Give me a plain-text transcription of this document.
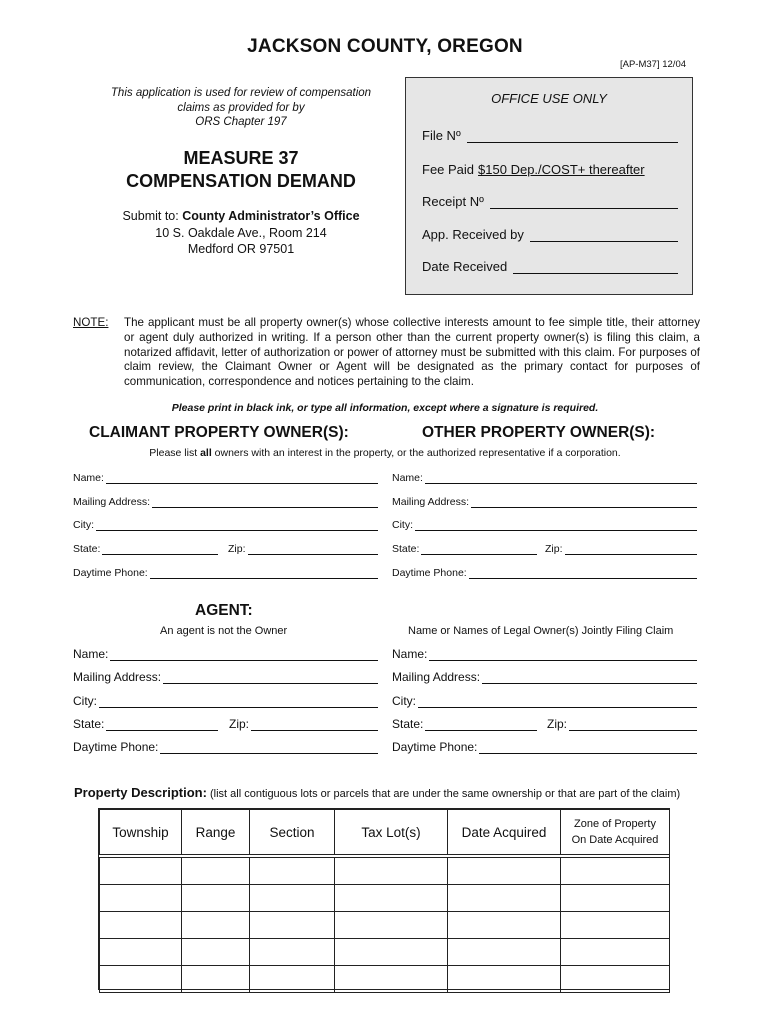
JACKSON COUNTY, OREGON
[AP-M37] 12/04
This application is used for review of compensation
claims as provided for by
ORS Chapter 197
MEASURE 37
COMPENSATION DEMAND
Submit to: County Administrator’s Office
10 S. Oakdale Ave., Room 214
Medford OR 97501
OFFICE USE ONLY
File Nº
Fee Paid $150 Dep./COST+ thereafter
Receipt Nº
App. Received by
Date Received
NOTE: The applicant must be all property owner(s) whose collective interests amount to fee simple title, their attorney or agent duly authorized in writing. If a person other than the current property owner(s) is filing this claim, a notarized affidavit, letter of authorization or power of attorney must be submitted with this claim. For purposes of claim review, the Claimant Owner or Agent will be designated as the primary contact for purposes of communication, correspondence and notices pertaining to the claim.
Please print in black ink, or type all information, except where a signature is required.
CLAIMANT PROPERTY OWNER(S):	OTHER PROPERTY OWNER(S):
Please list all owners with an interest in the property, or the authorized representative if a corporation.
Name:
Mailing Address:
City:
State:	Zip:
Daytime Phone:
Name:
Mailing Address:
City:
State:	Zip:
Daytime Phone:
AGENT:
An agent is not the Owner	Name or Names of Legal Owner(s) Jointly Filing Claim
Name:
Mailing Address:
City:
State:	Zip:
Daytime Phone:
Name:
Mailing Address:
City:
State:	Zip:
Daytime Phone:
Property Description: (list all contiguous lots or parcels that are under the same ownership or that are part of the claim)
Township	Range	Section	Tax Lot(s)	Date Acquired	Zone of Property
On Date Acquired
